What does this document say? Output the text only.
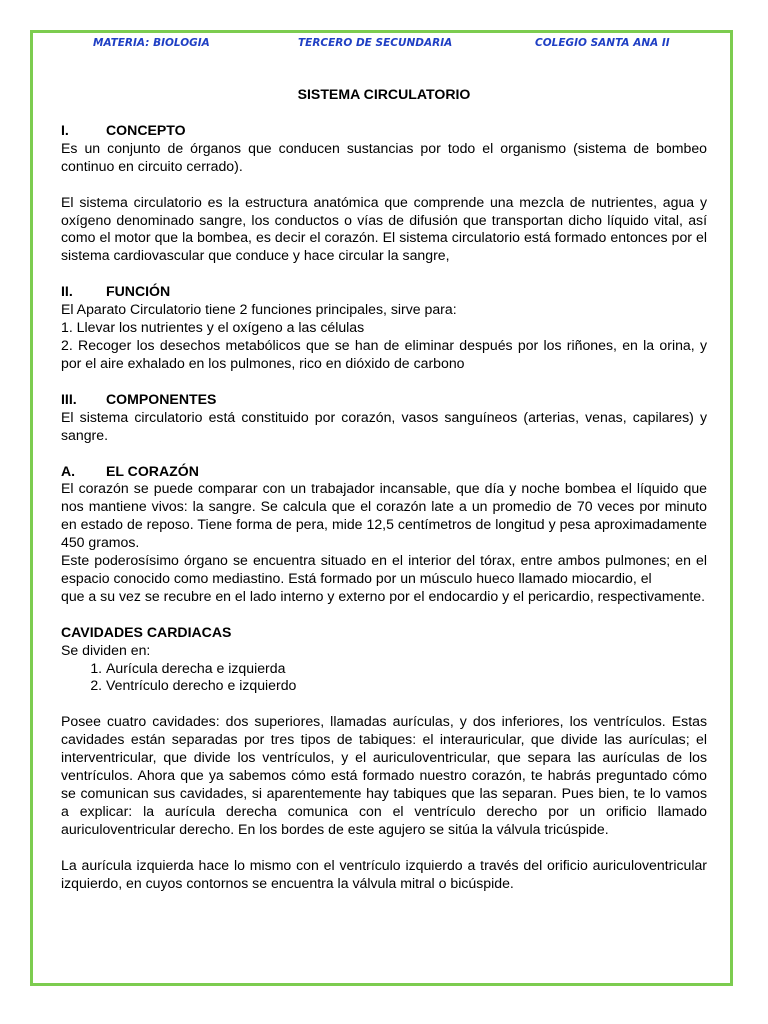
MATERIA: BIOLOGIA	TERCERO DE SECUNDARIA	COLEGIO SANTA ANA II

SISTEMA CIRCULATORIO

I.	CONCEPTO

Es un conjunto de órganos que conducen sustancias por todo el organismo (sistema de bombeo continuo en circuito cerrado).

El sistema circulatorio es la estructura anatómica que comprende una mezcla de nutrientes, agua y oxígeno denominado sangre, los conductos o vías de difusión que transportan dicho líquido vital, así como el motor que la bombea, es decir el corazón. El sistema circulatorio está formado entonces por el sistema cardiovascular que conduce y hace circular la sangre,

II. FUNCIÓN

El Aparato Circulatorio tiene 2 funciones principales, sirve para:

1. Llevar los nutrientes y el oxígeno a las células

2. Recoger los desechos metabólicos que se han de eliminar después por los riñones, en la orina, y por el aire exhalado en los pulmones, rico en dióxido de carbono

III. COMPONENTES

El sistema circulatorio está constituido por corazón, vasos sanguíneos (arterias, venas, capilares) y sangre.

A. EL CORAZÓN

El corazón se puede comparar con un trabajador incansable, que día y noche bombea el líquido que nos mantiene vivos: la sangre. Se calcula que el corazón late a un promedio de 70 veces por minuto en estado de reposo. Tiene forma de pera, mide 12,5 centímetros de longitud y pesa aproximadamente 450 gramos.

Este poderosísimo órgano se encuentra situado en el interior del tórax, entre ambos pulmones; en el espacio conocido como mediastino. Está formado por un músculo hueco llamado miocardio, el

que a su vez se recubre en el lado interno y externo por el endocardio y el pericardio, respectivamente.

CAVIDADES CARDIACAS

Se dividen en:

1. Aurícula derecha e izquierda
2. Ventrículo derecho e izquierdo

Posee cuatro cavidades: dos superiores, llamadas aurículas, y dos inferiores, los ventrículos. Estas cavidades están separadas por tres tipos de tabiques: el interauricular, que divide las aurículas; el interventricular, que divide los ventrículos, y el auriculoventricular, que separa las aurículas de los ventrículos. Ahora que ya sabemos cómo está formado nuestro corazón, te habrás preguntado cómo se comunican sus cavidades, si aparentemente hay tabiques que las separan. Pues bien, te lo vamos a explicar: la aurícula derecha comunica con el ventrículo derecho por un orificio llamado auriculoventricular derecho. En los bordes de este agujero se sitúa la válvula tricúspide.

La aurícula izquierda hace lo mismo con el ventrículo izquierdo a través del orificio auriculoventricular izquierdo, en cuyos contornos se encuentra la válvula mitral o bicúspide.
